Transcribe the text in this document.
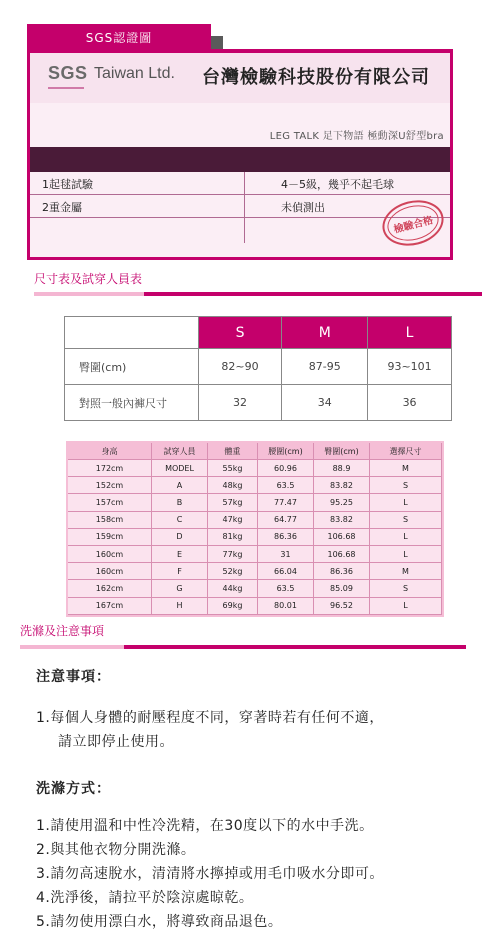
SGS認證圖
SGS Taiwan Ltd. 台灣檢驗科技股份有限公司
LEG TALK 足下物語 極動深U舒型bra
1起毬試驗	4－5級，幾乎不起毛球
2重金屬	未偵測出
檢驗合格
尺寸表及試穿人員表
	S	M	L
臀圍(cm)	82~90	87-95	93~101
對照一般內褲尺寸	32	34	36
身高	試穿人員	體重	腰圍(cm)	臀圍(cm)	選擇尺寸
172cm	MODEL	55kg	60.96	88.9	M
152cm	A	48kg	63.5	83.82	S
157cm	B	57kg	77.47	95.25	L
158cm	C	47kg	64.77	83.82	S
159cm	D	81kg	86.36	106.68	L
160cm	E	77kg	31	106.68	L
160cm	F	52kg	66.04	86.36	M
162cm	G	44kg	63.5	85.09	S
167cm	H	69kg	80.01	96.52	L
洗滌及注意事項
注意事項：
1.每個人身體的耐壓程度不同，穿著時若有任何不適，
請立即停止使用。
洗滌方式：
1.請使用溫和中性冷洗精，在30度以下的水中手洗。
2.與其他衣物分開洗滌。
3.請勿高速脫水，清清將水擰掉或用毛巾吸水分即可。
4.洗淨後，請拉平於陰涼處晾乾。
5.請勿使用漂白水，將導致商品退色。
